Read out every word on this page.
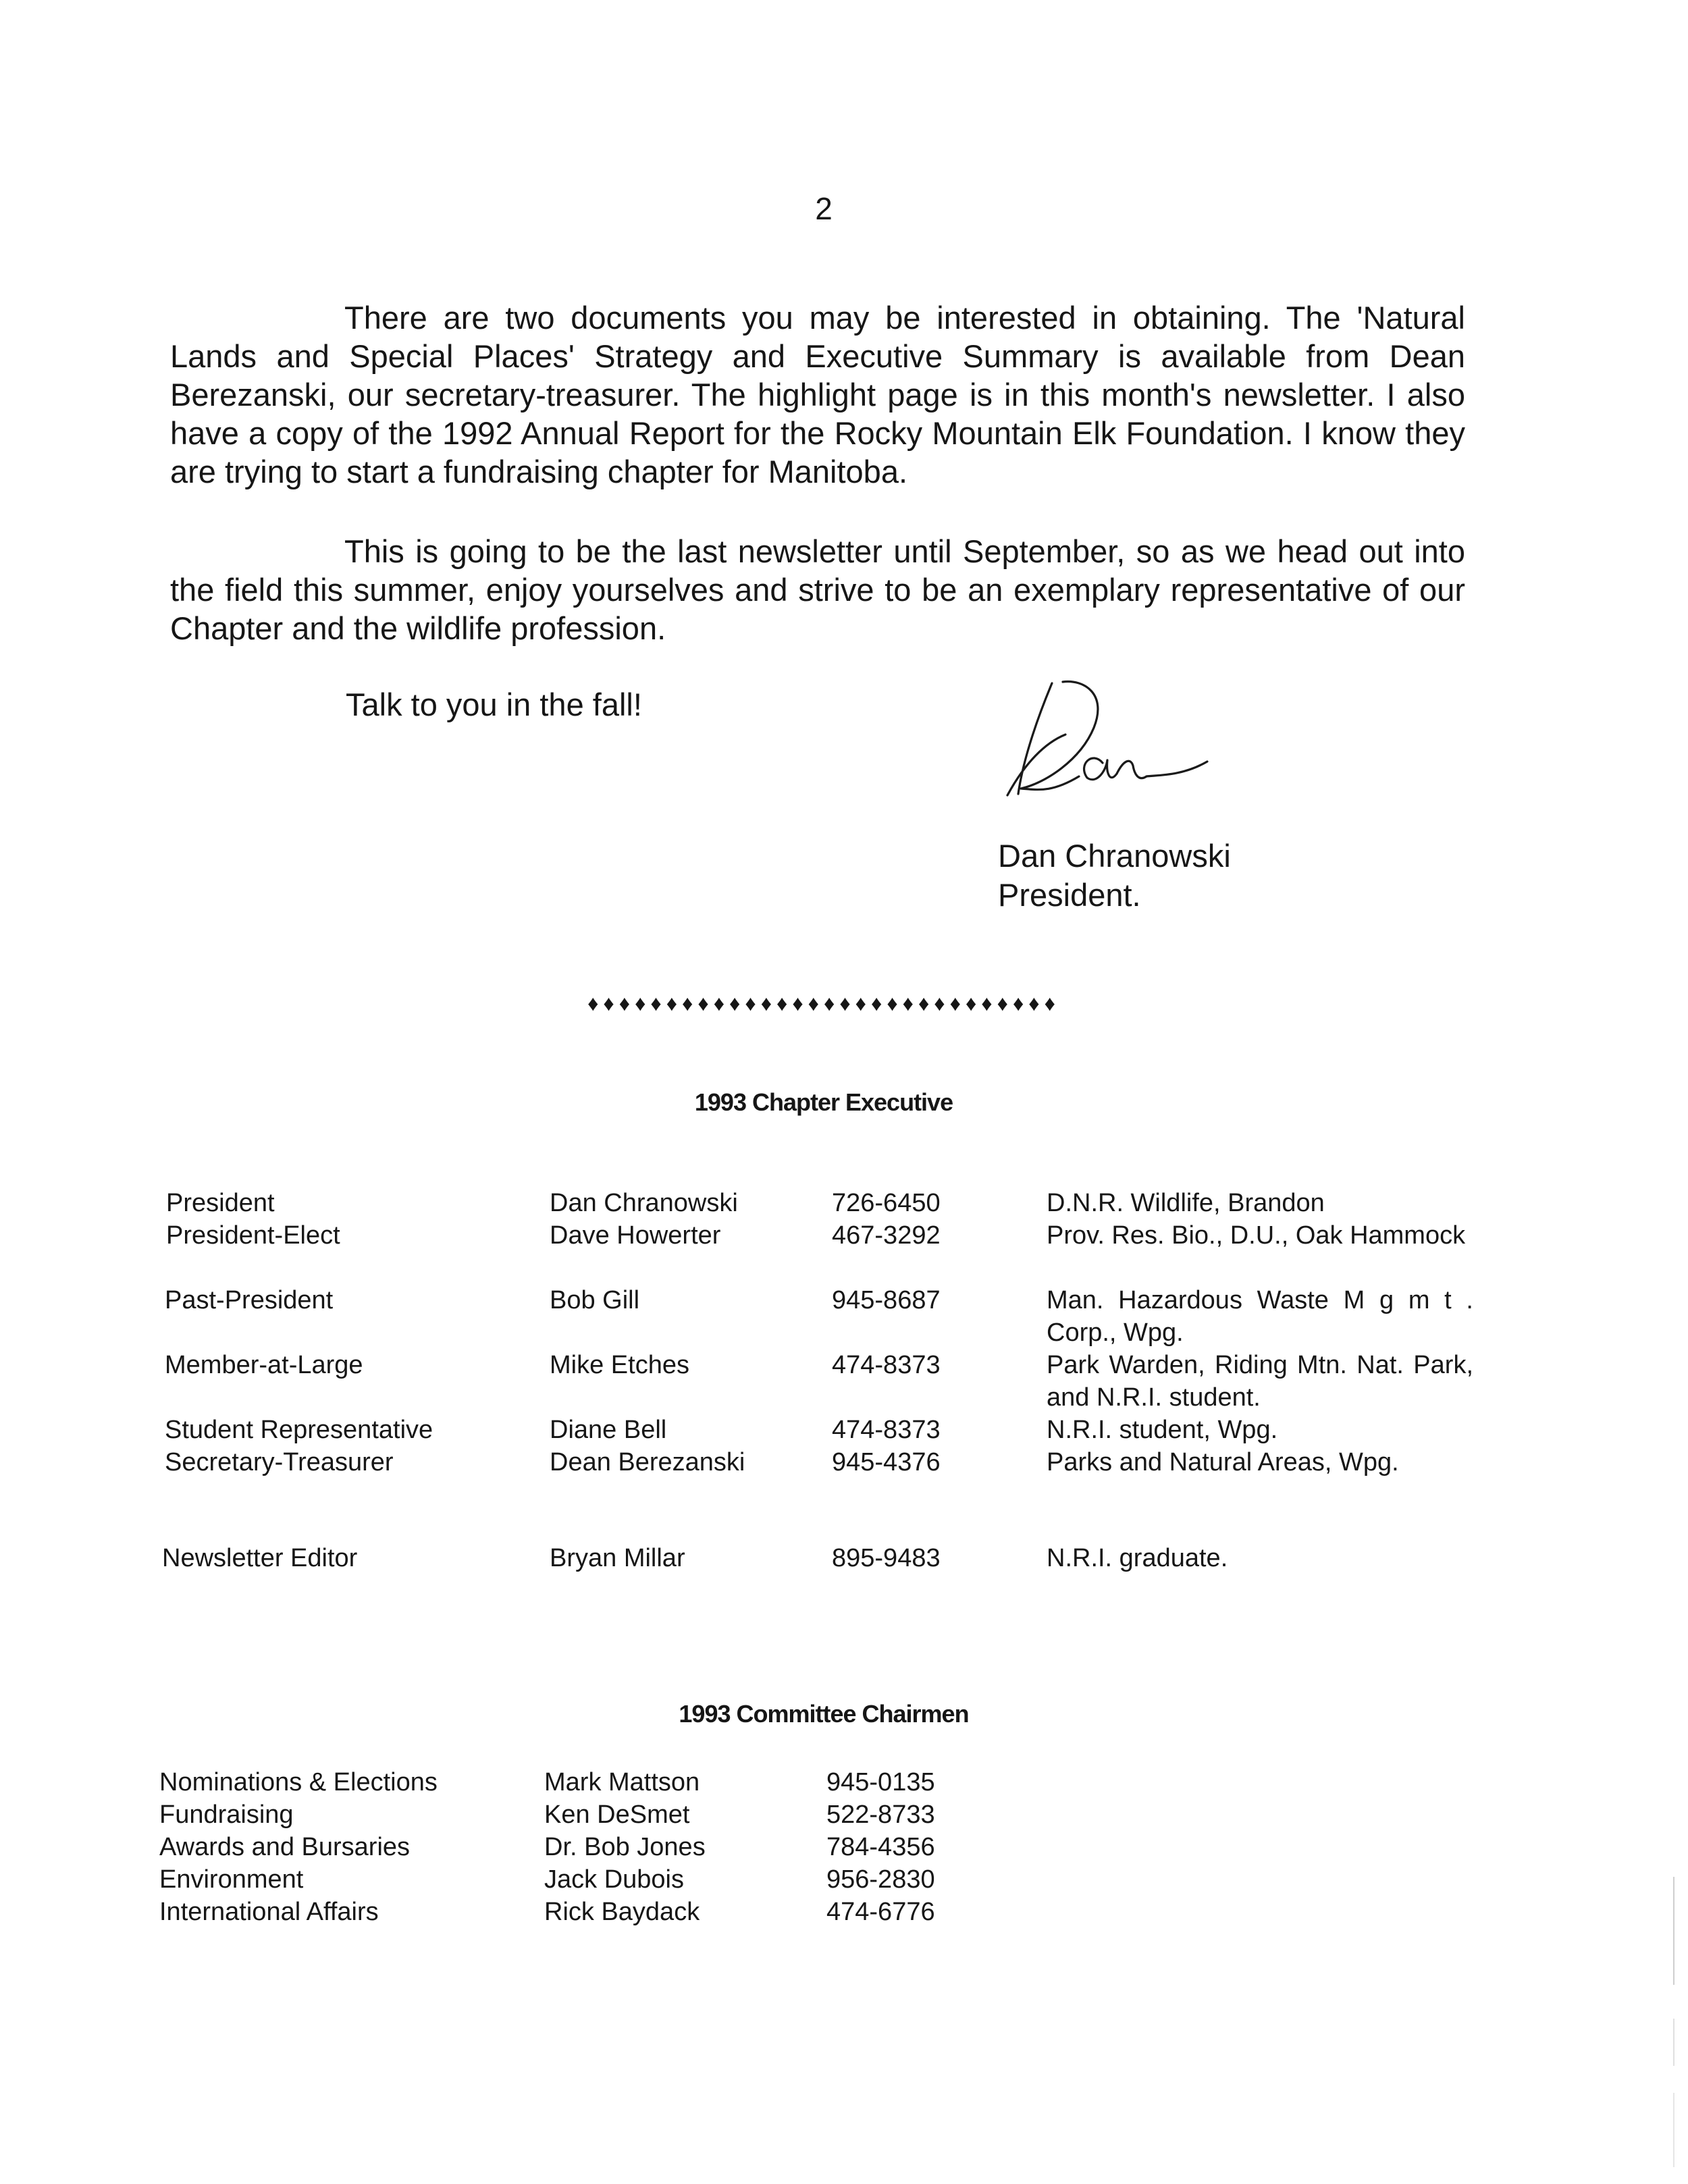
2

There are two documents you may be interested in obtaining. The 'Natural Lands and Special Places' Strategy and Executive Summary is available from Dean Berezanski, our secretary-treasurer. The highlight page is in this month's newsletter. I also have a copy of the 1992 Annual Report for the Rocky Mountain Elk Foundation. I know they are trying to start a fundraising chapter for Manitoba.

This is going to be the last newsletter until September, so as we head out into the field this summer, enjoy yourselves and strive to be an exemplary representative of our Chapter and the wildlife profession.

Talk to you in the fall!
Dan Chranowski
President.
♦♦♦♦♦♦♦♦♦♦♦♦♦♦♦♦♦♦♦♦♦♦♦♦♦♦♦♦♦♦
1993 Chapter Executive
President	Dan Chranowski	726-6450	D.N.R. Wildlife, Brandon
President-Elect	Dave Howerter	467-3292	Prov. Res. Bio., D.U., Oak Hammock
Past-President	Bob Gill	945-8687	Man. Hazardous Waste M g m t . Corp., Wpg.
Member-at-Large	Mike Etches	474-8373	Park Warden, Riding Mtn. Nat. Park, and N.R.I. student.
Student Representative	Diane Bell	474-8373	N.R.I. student, Wpg.
Secretary-Treasurer	Dean Berezanski	945-4376	Parks and Natural Areas, Wpg.
Newsletter Editor	Bryan Millar	895-9483	N.R.I. graduate.
1993 Committee Chairmen
Nominations & Elections	Mark Mattson	945-0135
Fundraising	Ken DeSmet	522-8733
Awards and Bursaries	Dr. Bob Jones	784-4356
Environment	Jack Dubois	956-2830
International Affairs	Rick Baydack	474-6776
